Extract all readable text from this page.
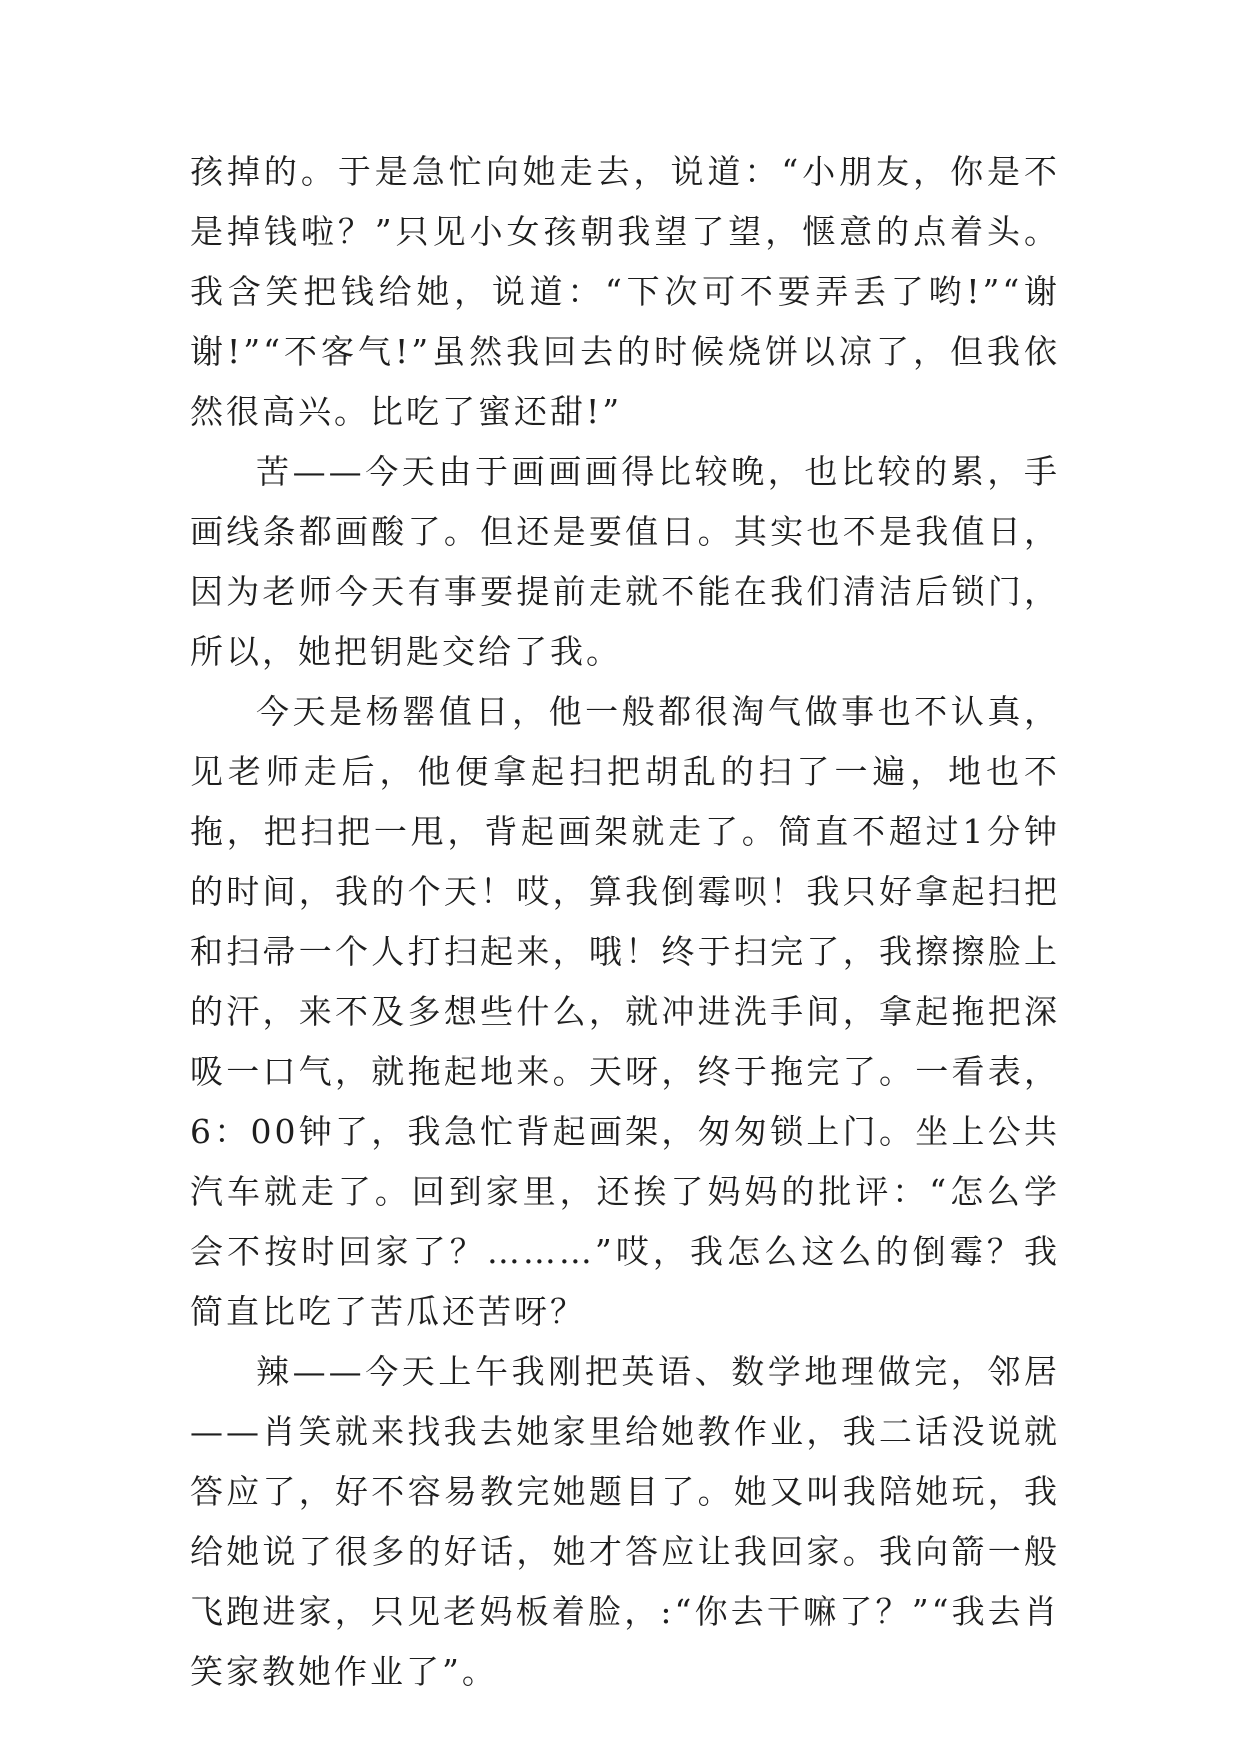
孩掉的。于是急忙向她走去，说道：“小朋友，你是不是掉钱啦？”只见小女孩朝我望了望，惬意的点着头。我含笑把钱给她，说道：“下次可不要弄丢了哟!”“谢谢!”“不客气!”虽然我回去的时候烧饼以凉了，但我依然很高兴。比吃了蜜还甜!”

苦——今天由于画画画得比较晚，也比较的累，手画线条都画酸了。但还是要值日。其实也不是我值日，因为老师今天有事要提前走就不能在我们清洁后锁门，所以，她把钥匙交给了我。

今天是杨罂值日，他一般都很淘气做事也不认真，见老师走后，他便拿起扫把胡乱的扫了一遍，地也不拖，把扫把一甩，背起画架就走了。简直不超过1分钟的时间，我的个天！哎，算我倒霉呗！我只好拿起扫把和扫帚一个人打扫起来，哦！终于扫完了，我擦擦脸上的汗，来不及多想些什么，就冲进洗手间，拿起拖把深吸一口气，就拖起地来。天呀，终于拖完了。一看表，6：00钟了，我急忙背起画架，匆匆锁上门。坐上公共汽车就走了。回到家里，还挨了妈妈的批评：“怎么学会不按时回家了？………”哎，我怎么这么的倒霉？我简直比吃了苦瓜还苦呀？

辣——今天上午我刚把英语、数学地理做完，邻居——肖笑就来找我去她家里给她教作业，我二话没说就答应了，好不容易教完她题目了。她又叫我陪她玩，我给她说了很多的好话，她才答应让我回家。我向箭一般飞跑进家，只见老妈板着脸，:“你去干嘛了？”“我去肖笑家教她作业了”。
